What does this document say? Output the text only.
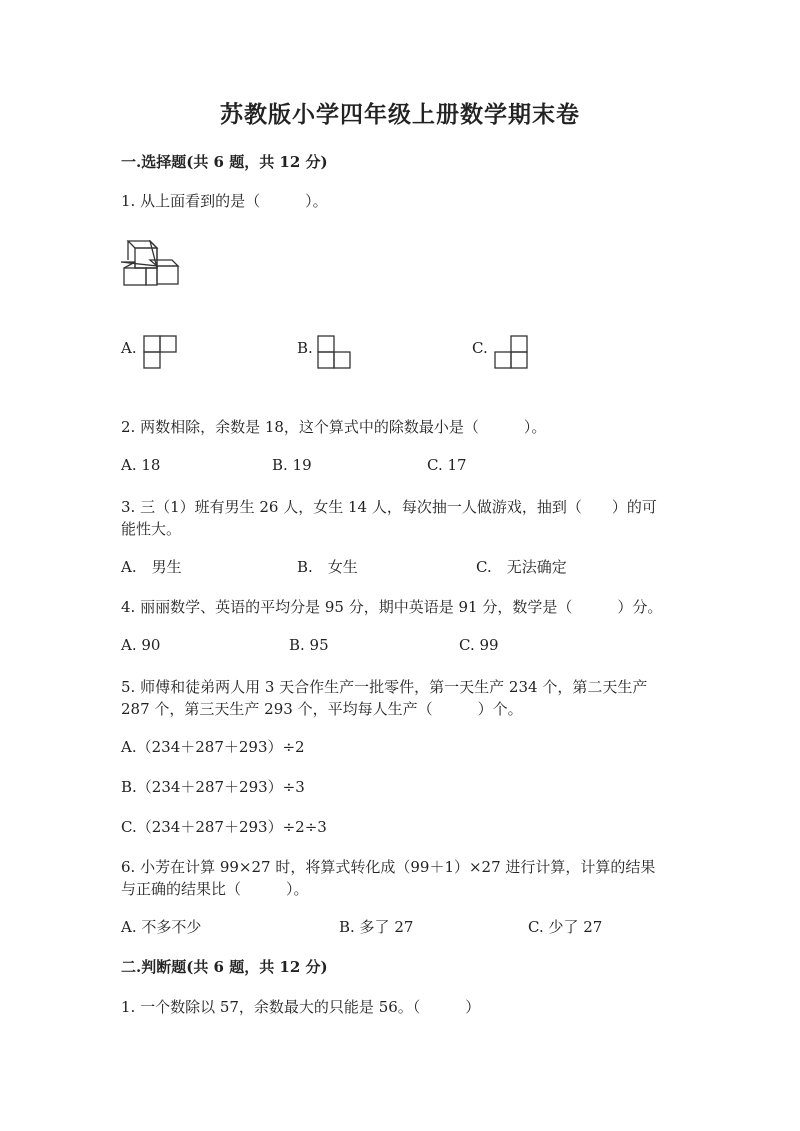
苏教版小学四年级上册数学期末卷
一.选择题(共 6 题，共 12 分)
1. 从上面看到的是（　　　）。
A.	B.	C.
2. 两数相除，余数是 18，这个算式中的除数最小是（　　　）。
A. 18	B. 19	C. 17
3. 三（1）班有男生 26 人，女生 14 人，每次抽一人做游戏，抽到（　　）的可
能性大。
A.　男生	B.　女生	C.　无法确定
4. 丽丽数学、英语的平均分是 95 分，期中英语是 91 分，数学是（　　　）分。
A. 90	B. 95	C. 99
5. 师傅和徒弟两人用 3 天合作生产一批零件，第一天生产 234 个，第二天生产
287 个，第三天生产 293 个，平均每人生产（　　　）个。
A.（234＋287＋293）÷2
B.（234＋287＋293）÷3
C.（234＋287＋293）÷2÷3
6. 小芳在计算 99×27 时，将算式转化成（99＋1）×27 进行计算，计算的结果
与正确的结果比（　　　）。
A. 不多不少	B. 多了 27	C. 少了 27
二.判断题(共 6 题，共 12 分)
1. 一个数除以 57，余数最大的只能是 56。（　　　）
